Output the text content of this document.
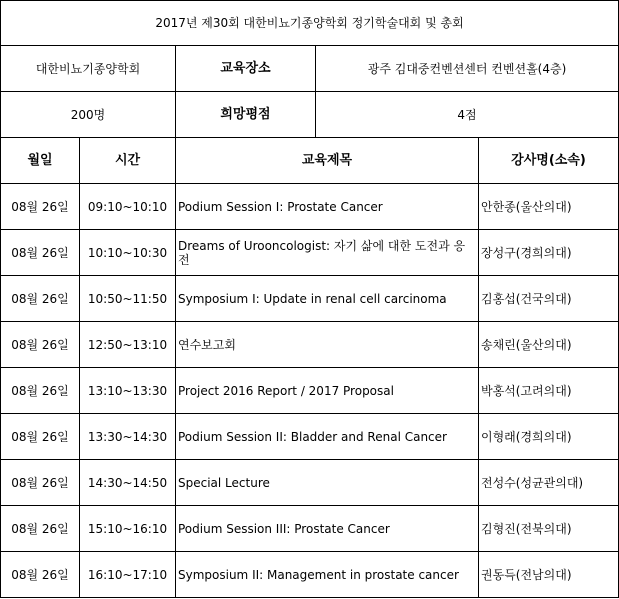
2017년 제30회 대한비뇨기종양학회 정기학술대회 및 총회				
대한비뇨기종양학회		교육장소	광주 김대중컨벤션센터 컨벤션홀(4층)	
200명		희망평점	4점	
월일	시간	교육제목		강사명(소속)
08월 26일	09:10~10:10	Podium Session I: Prostate Cancer		안한종(울산의대)
08월 26일	10:10~10:30	Dreams of Urooncologist: 자기 삶에 대한 도전과 응전		장성구(경희의대)
08월 26일	10:50~11:50	Symposium I: Update in renal cell carcinoma		김홍섭(건국의대)
08월 26일	12:50~13:10	연수보고회		송채린(울산의대)
08월 26일	13:10~13:30	Project 2016 Report / 2017 Proposal		박홍석(고려의대)
08월 26일	13:30~14:30	Podium Session II: Bladder and Renal Cancer		이형래(경희의대)
08월 26일	14:30~14:50	Special Lecture		전성수(성균관의대)
08월 26일	15:10~16:10	Podium Session III: Prostate Cancer		김형진(전북의대)
08월 26일	16:10~17:10	Symposium II: Management in prostate cancer		권동득(전남의대)
